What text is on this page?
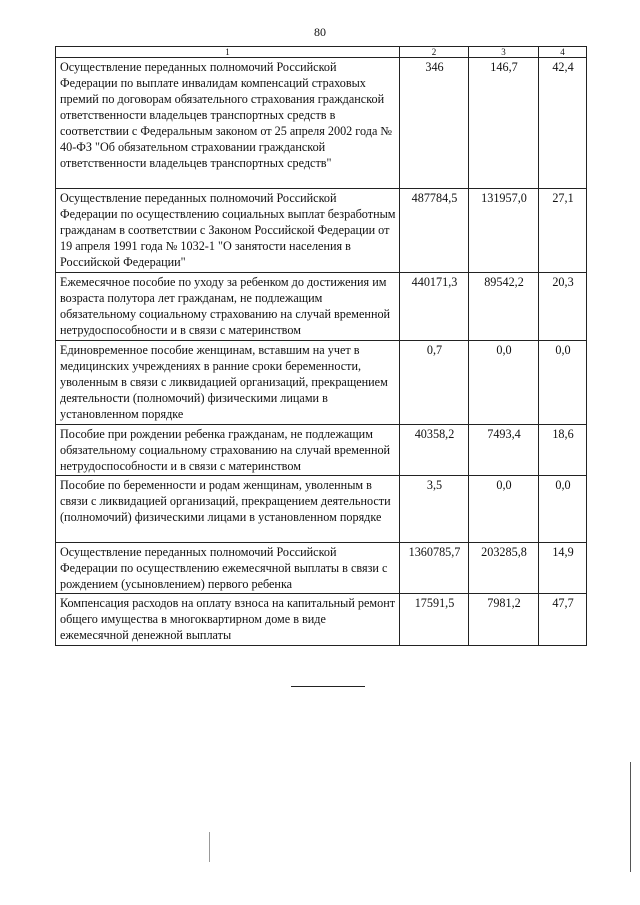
80
1	2	3	4
Осуществление переданных полномочий Российской Федерации по выплате инвалидам компенсаций страховых премий по договорам обязательного страхования гражданской ответственности владельцев транспортных средств в соответствии с Федеральным законом от 25 апреля 2002 года № 40-ФЗ "Об обязательном страховании гражданской ответственности владельцев транспортных средств"	346	146,7	42,4
Осуществление переданных полномочий Российской Федерации по осуществлению социальных выплат безработным гражданам в соответствии с Законом Российской Федерации от 19 апреля 1991 года № 1032-1 "О занятости населения в Российской Федерации"	487784,5	131957,0	27,1
Ежемесячное пособие по уходу за ребенком до достижения им возраста полутора лет гражданам, не подлежащим обязательному социальному страхованию на случай временной нетрудоспособности и в связи с материнством	440171,3	89542,2	20,3
Единовременное пособие женщинам, вставшим на учет в медицинских учреждениях в ранние сроки беременности, уволенным в связи с ликвидацией организаций, прекращением деятельности (полномочий) физическими лицами в установленном порядке	0,7	0,0	0,0
Пособие при рождении ребенка гражданам, не подлежащим обязательному социальному страхованию на случай временной нетрудоспособности и в связи с материнством	40358,2	7493,4	18,6
Пособие по беременности и родам женщинам, уволенным в связи с ликвидацией организаций, прекращением деятельности (полномочий) физическими лицами в установленном порядке	3,5	0,0	0,0
Осуществление переданных полномочий Российской Федерации по осуществлению ежемесячной выплаты в связи с рождением (усыновлением) первого ребенка	1360785,7	203285,8	14,9
Компенсация расходов на оплату взноса на капитальный ремонт общего имущества в многоквартирном доме в виде ежемесячной денежной выплаты	17591,5	7981,2	47,7
